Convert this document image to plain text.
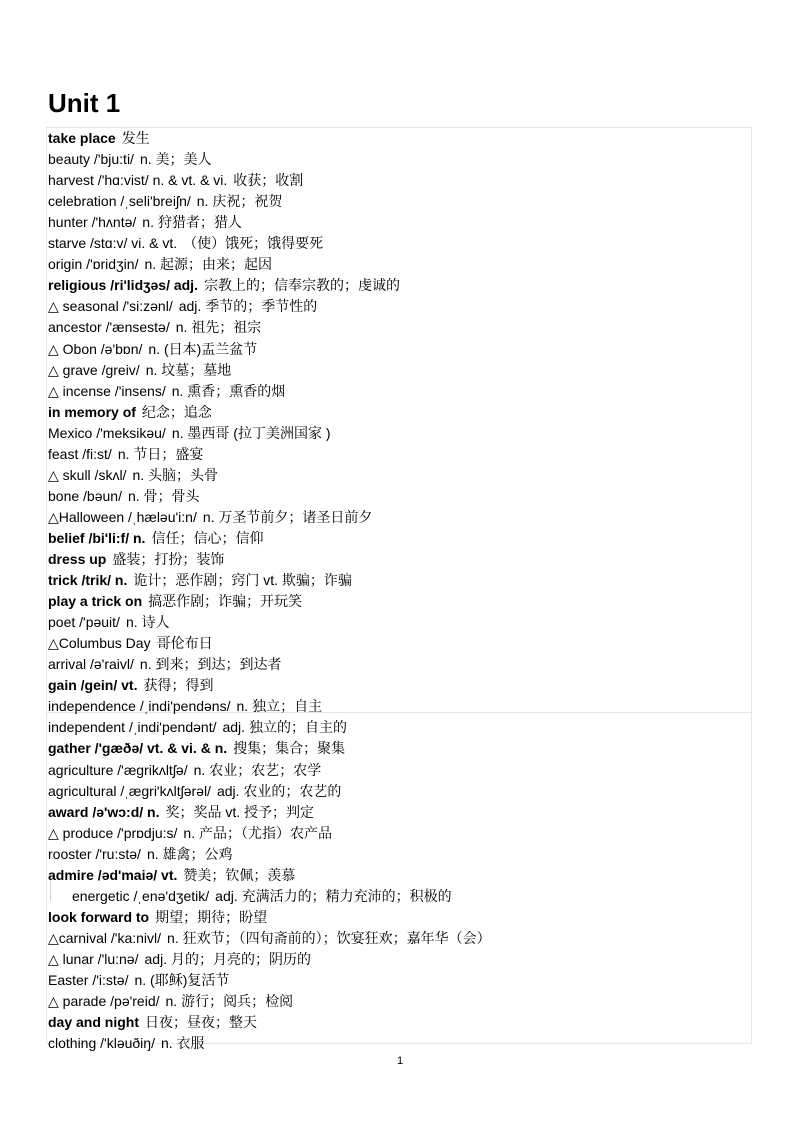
Unit 1
take place 发生
beauty /'bju:ti/ n. 美；美人
harvest /'hɑ:vist/ n. & vt. & vi. 收获；收割
celebration /ˌseli'breiʃn/ n. 庆祝；祝贺
hunter /'hʌntə/ n. 狩猎者；猎人
starve /stɑ:v/ vi. & vt. （使）饿死；饿得要死
origin /'ɒridʒin/ n. 起源；由来；起因
religious /ri'lidʒəs/ adj. 宗教上的；信奉宗教的；虔诚的
△ seasonal /'si:zənl/ adj. 季节的；季节性的
ancestor /'ænsestə/ n. 祖先；祖宗
△ Obon /ə'bɒn/ n. (日本)盂兰盆节
△ grave /ɡreiv/ n. 坟墓；墓地
△ incense /'insens/ n. 熏香；熏香的烟
in memory of 纪念；追念
Mexico /'meksikəu/ n. 墨西哥 (拉丁美洲国家 )
feast /fi:st/ n. 节日；盛宴
△ skull /skʌl/ n. 头脑；头骨
bone /bəun/ n. 骨；骨头
△Halloween /ˌhæləu'i:n/ n. 万圣节前夕；诸圣日前夕
belief /bi'li:f/ n. 信任；信心；信仰
dress up 盛装；打扮；装饰
trick /trik/ n. 诡计；恶作剧；窍门 vt. 欺骗；诈骗
play a trick on 搞恶作剧；诈骗；开玩笑
poet /'pəuit/ n. 诗人
△Columbus Day 哥伦布日
arrival /ə'raivl/ n. 到来；到达；到达者
gain /ɡein/ vt. 获得；得到
independence /ˌindi'pendəns/ n. 独立；自主
independent /ˌindi'pendənt/ adj. 独立的；自主的
gather /'ɡæðə/ vt. & vi. & n. 搜集；集合；聚集
agriculture /'æɡrikʌltʃə/ n. 农业；农艺；农学
agricultural /ˌæɡri'kʌltʃərəl/ adj. 农业的；农艺的
award /ə'wɔ:d/ n. 奖；奖品 vt. 授予；判定
△ produce /'prɒdju:s/ n. 产品；（尤指）农产品
rooster /'ru:stə/ n. 雄禽；公鸡
admire /əd'maiə/ vt. 赞美；钦佩；羡慕
energetic /ˌenə'dʒetik/ adj. 充满活力的；精力充沛的；积极的
look forward to 期望；期待；盼望
△carnival /'ka:nivl/ n. 狂欢节；（四旬斋前的）；饮宴狂欢；嘉年华（会）
△ lunar /'lu:nə/ adj. 月的；月亮的；阴历的
Easter /'i:stə/ n. (耶稣)复活节
△ parade /pə'reid/ n. 游行；阅兵；检阅
day and night 日夜；昼夜；整天
clothing /'kləuðiŋ/ n. 衣服
1
